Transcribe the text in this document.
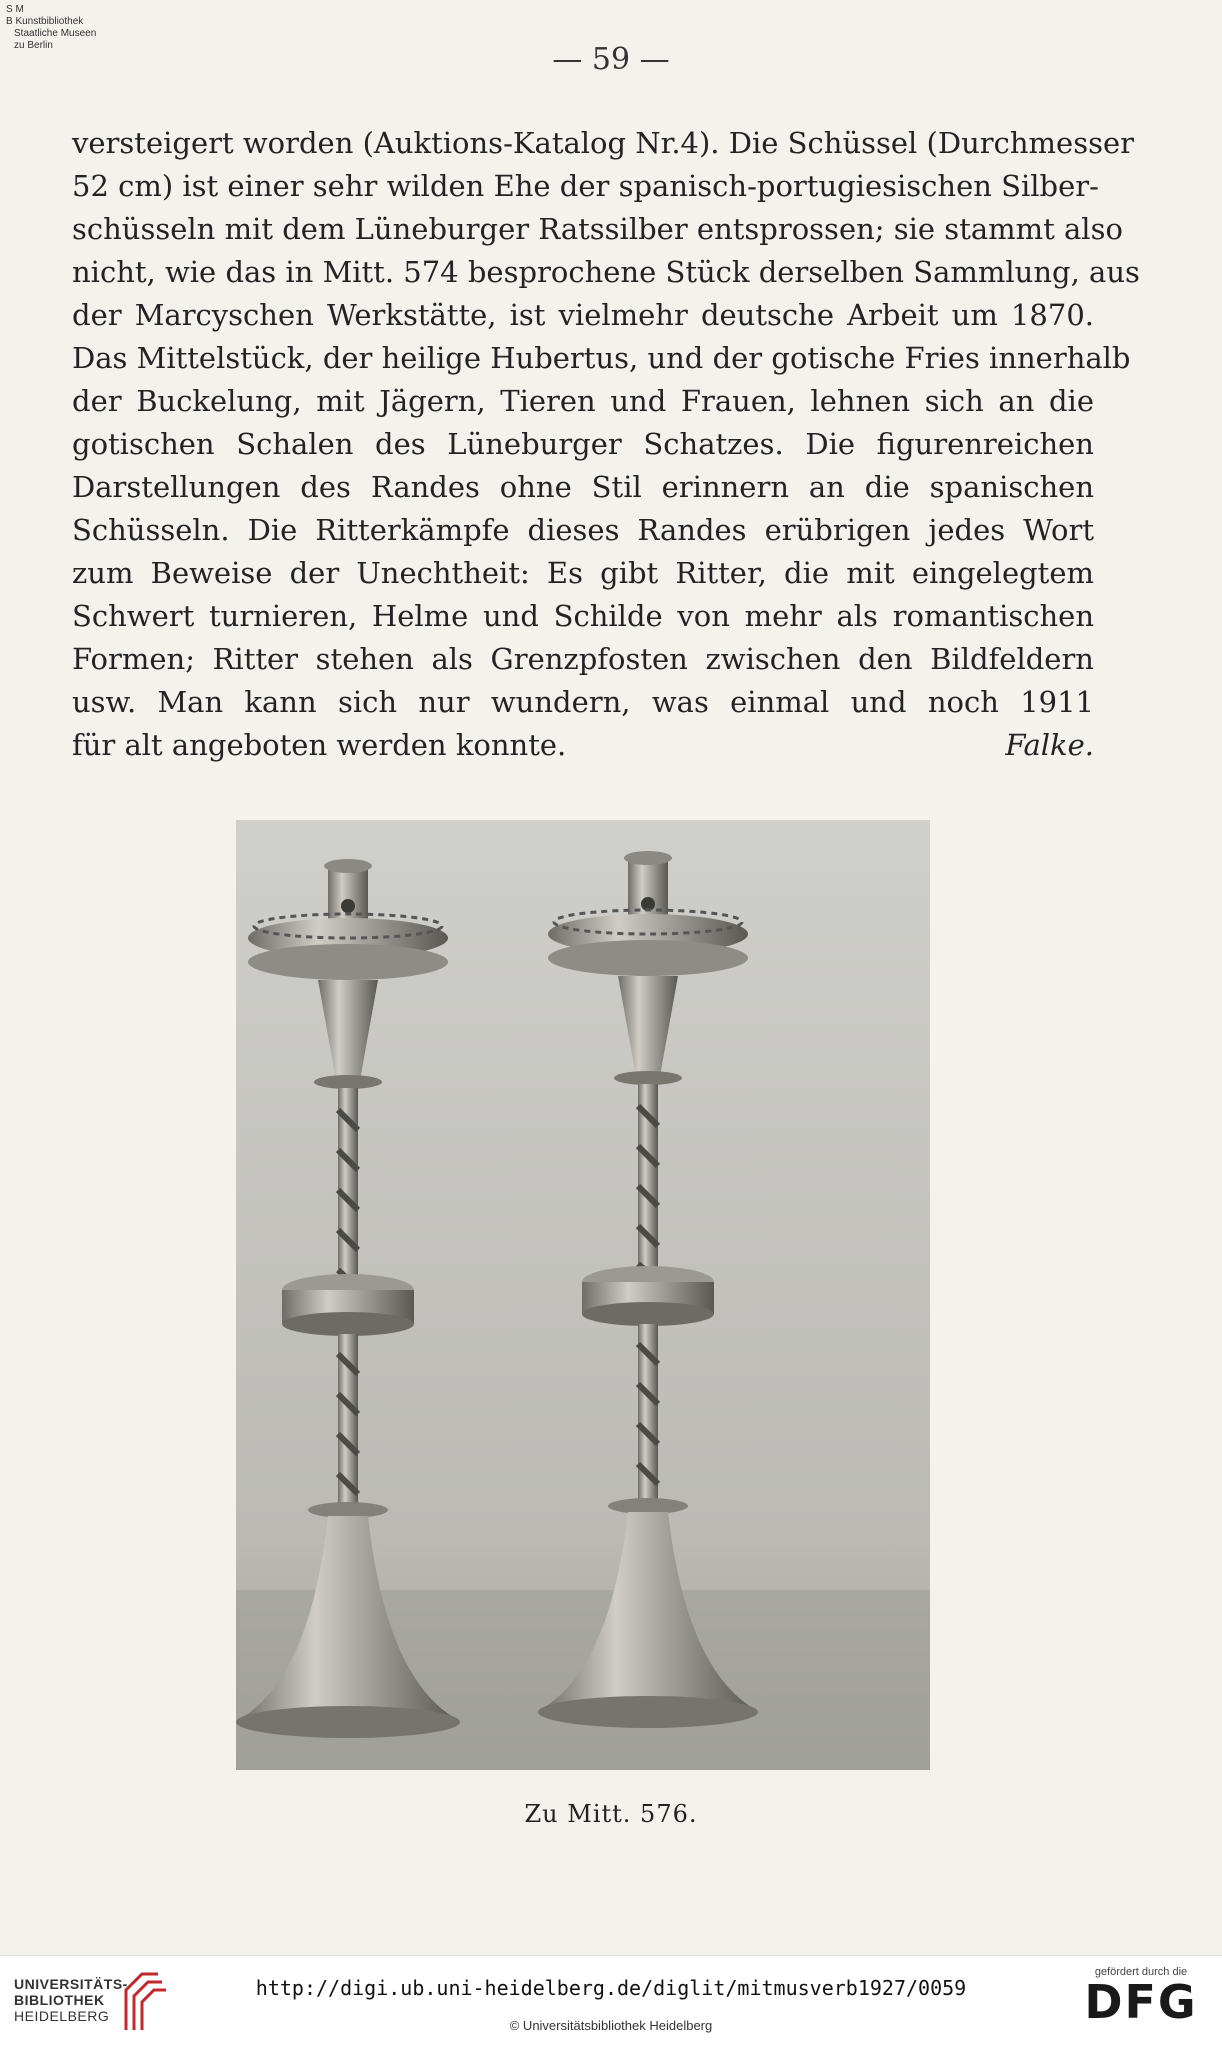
S M
B Kunstbibliothek
Staatliche Museen
zu Berlin	— 59 —
versteigert worden (Auktions-Katalog Nr.4). Die Schüssel (Durchmesser
52 cm) ist einer sehr wilden Ehe der spanisch-portugiesischen Silber-
schüsseln mit dem Lüneburger Ratssilber entsprossen; sie stammt also
nicht, wie das in Mitt. 574 besprochene Stück derselben Sammlung, aus
der Marcyschen Werkstätte, ist vielmehr deutsche Arbeit um 1870.
Das Mittelstück, der heilige Hubertus, und der gotische Fries innerhalb
der Buckelung, mit Jägern, Tieren und Frauen, lehnen sich an die
gotischen Schalen des Lüneburger Schatzes. Die figurenreichen
Darstellungen des Randes ohne Stil erinnern an die spanischen
Schüsseln. Die Ritterkämpfe dieses Randes erübrigen jedes Wort
zum Beweise der Unechtheit: Es gibt Ritter, die mit eingelegtem
Schwert turnieren, Helme und Schilde von mehr als romantischen
Formen; Ritter stehen als Grenzpfosten zwischen den Bildfeldern
usw. Man kann sich nur wundern, was einmal und noch 1911
für alt angeboten werden konnte.	Falke.
Zu Mitt. 576.
UNIVERSITÄTS-
BIBLIOTHEK
HEIDELBERG
http://digi.ub.uni-heidelberg.de/diglit/mitmusverb1927/0059
© Universitätsbibliothek Heidelberg
gefördert durch die
DFG
